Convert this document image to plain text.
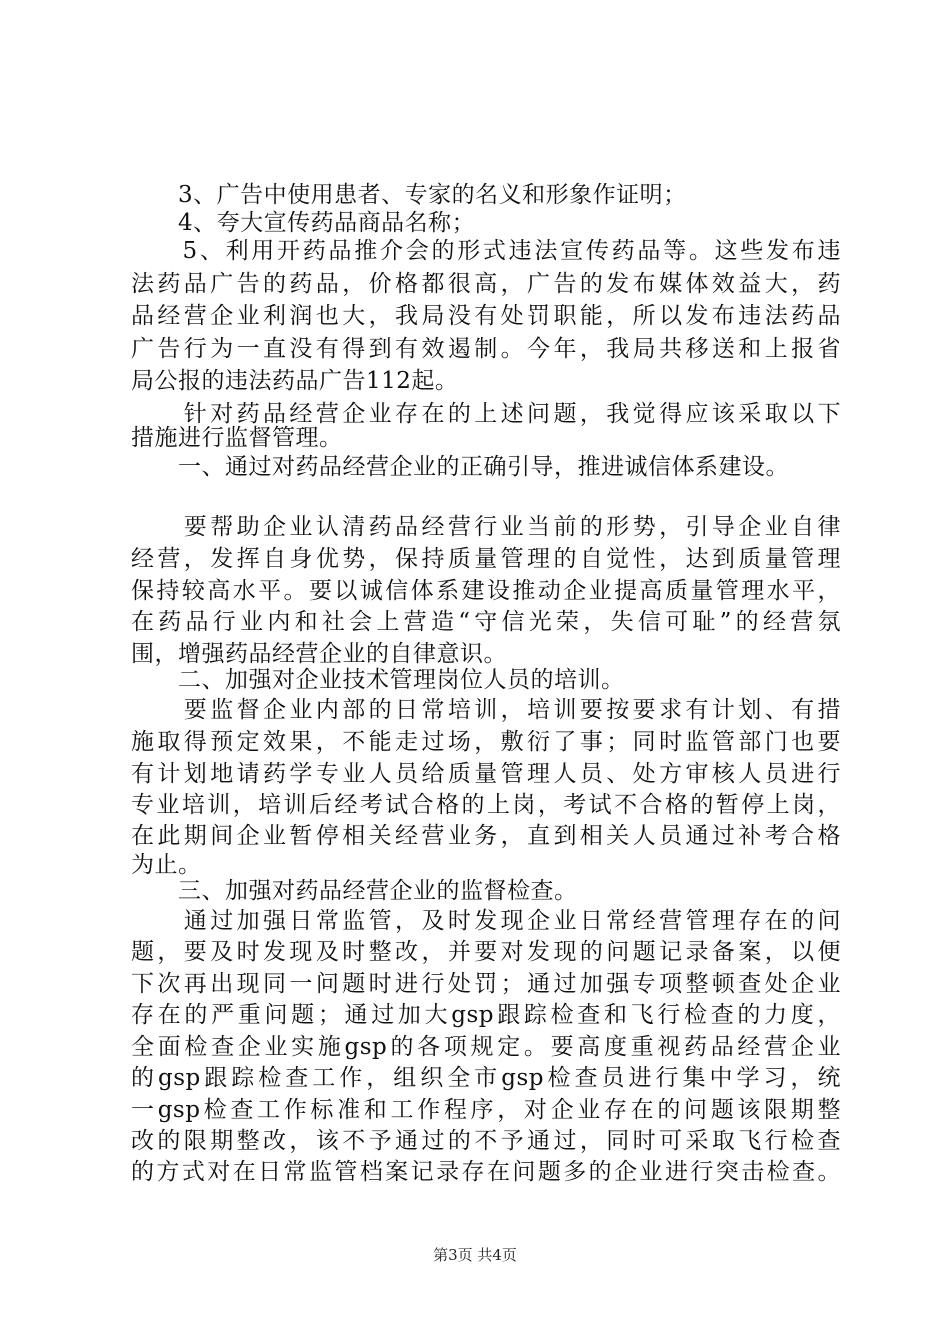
　　3、广告中使用患者、专家的名义和形象作证明；
　　4、夸大宣传药品商品名称；
　　5、利用开药品推介会的形式违法宣传药品等。这些发布违
法药品广告的药品，价格都很高，广告的发布媒体效益大，药
品经营企业利润也大，我局没有处罚职能，所以发布违法药品
广告行为一直没有得到有效遏制。今年，我局共移送和上报省
局公报的违法药品广告112起。
　　针对药品经营企业存在的上述问题，我觉得应该采取以下
措施进行监督管理。
　　一、通过对药品经营企业的正确引导，推进诚信体系建设。
　　要帮助企业认清药品经营行业当前的形势，引导企业自律
经营，发挥自身优势，保持质量管理的自觉性，达到质量管理
保持较高水平。要以诚信体系建设推动企业提高质量管理水平，
在药品行业内和社会上营造“守信光荣，失信可耻”的经营氛
围，增强药品经营企业的自律意识。
　　二、加强对企业技术管理岗位人员的培训。
　　要监督企业内部的日常培训，培训要按要求有计划、有措
施取得预定效果，不能走过场，敷衍了事；同时监管部门也要
有计划地请药学专业人员给质量管理人员、处方审核人员进行
专业培训，培训后经考试合格的上岗，考试不合格的暂停上岗，
在此期间企业暂停相关经营业务，直到相关人员通过补考合格
为止。
　　三、加强对药品经营企业的监督检查。
　　通过加强日常监管，及时发现企业日常经营管理存在的问
题，要及时发现及时整改，并要对发现的问题记录备案，以便
下次再出现同一问题时进行处罚；通过加强专项整顿查处企业
存在的严重问题；通过加大gsp跟踪检查和飞行检查的力度，
全面检查企业实施gsp的各项规定。要高度重视药品经营企业
的gsp跟踪检查工作，组织全市gsp检查员进行集中学习，统
一gsp检查工作标准和工作程序，对企业存在的问题该限期整
改的限期整改，该不予通过的不予通过，同时可采取飞行检查
的方式对在日常监管档案记录存在问题多的企业进行突击检查。
第3页 共4页
